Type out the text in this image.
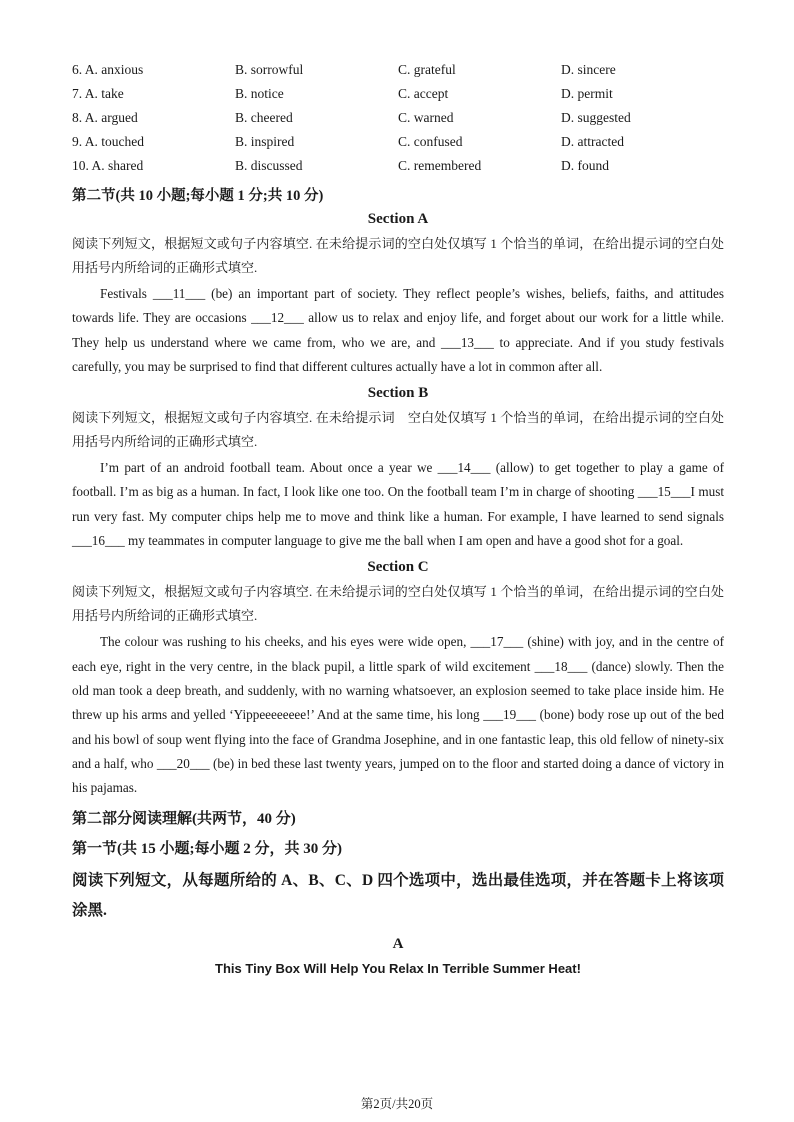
6. A. anxious	B. sorrowful	C. grateful	D. sincere
7. A. take	B. notice	C. accept	D. permit
8. A. argued	B. cheered	C. warned	D. suggested
9. A. touched	B. inspired	C. confused	D. attracted
10. A. shared	B. discussed	C. remembered	D. found
第二节(共 10 小题;每小题 1 分;共 10 分)
Section A

阅读下列短文，根据短文或句子内容填空. 在未给提示词的空白处仅填写 1 个恰当的单词，在给出提示词的空白处用括号内所给词的正确形式填空.

Festivals ___11___ (be) an important part of society. They reflect people’s wishes, beliefs, faiths, and attitudes towards life. They are occasions ___12___ allow us to relax and enjoy life, and forget about our work for a little while. They help us understand where we came from, who we are, and ___13___ to appreciate. And if you study festivals carefully, you may be surprised to find that different cultures actually have a lot in common after all.

Section B

阅读下列短文，根据短文或句子内容填空. 在未给提示词　空白处仅填写 1 个恰当的单词，在给出提示词的空白处用括号内所给词的正确形式填空.

I’m part of an android football team. About once a year we ___14___ (allow) to get together to play a game of football. I’m as big as a human. In fact, I look like one too. On the football team I’m in charge of shooting ___15___I must run very fast. My computer chips help me to move and think like a human. For example, I have learned to send signals ___16___ my teammates in computer language to give me the ball when I am open and have a good shot for a goal.

Section C

阅读下列短文，根据短文或句子内容填空. 在未给提示词的空白处仅填写 1 个恰当的单词，在给出提示词的空白处用括号内所给词的正确形式填空.

The colour was rushing to his cheeks, and his eyes were wide open, ___17___ (shine) with joy, and in the centre of each eye, right in the very centre, in the black pupil, a little spark of wild excitement ___18___ (dance) slowly. Then the old man took a deep breath, and suddenly, with no warning whatsoever, an explosion seemed to take place inside him. He threw up his arms and yelled ‘Yippeeeeeeee!’ And at the same time, his long ___19___ (bone) body rose up out of the bed and his bowl of soup went flying into the face of Grandma Josephine, and in one fantastic leap, this old fellow of ninety-six and a half, who ___20___ (be) in bed these last twenty years, jumped on to the floor and started doing a dance of victory in his pajamas.

第二部分阅读理解(共两节，40 分)
第一节(共 15 小题;每小题 2 分，共 30 分)

阅读下列短文，从每题所给的 A、B、C、D 四个选项中，选出最佳选项，并在答题卡上将该项涂黑.

A
This Tiny Box Will Help You Relax In Terrible Summer Heat!
第2页/共20页
